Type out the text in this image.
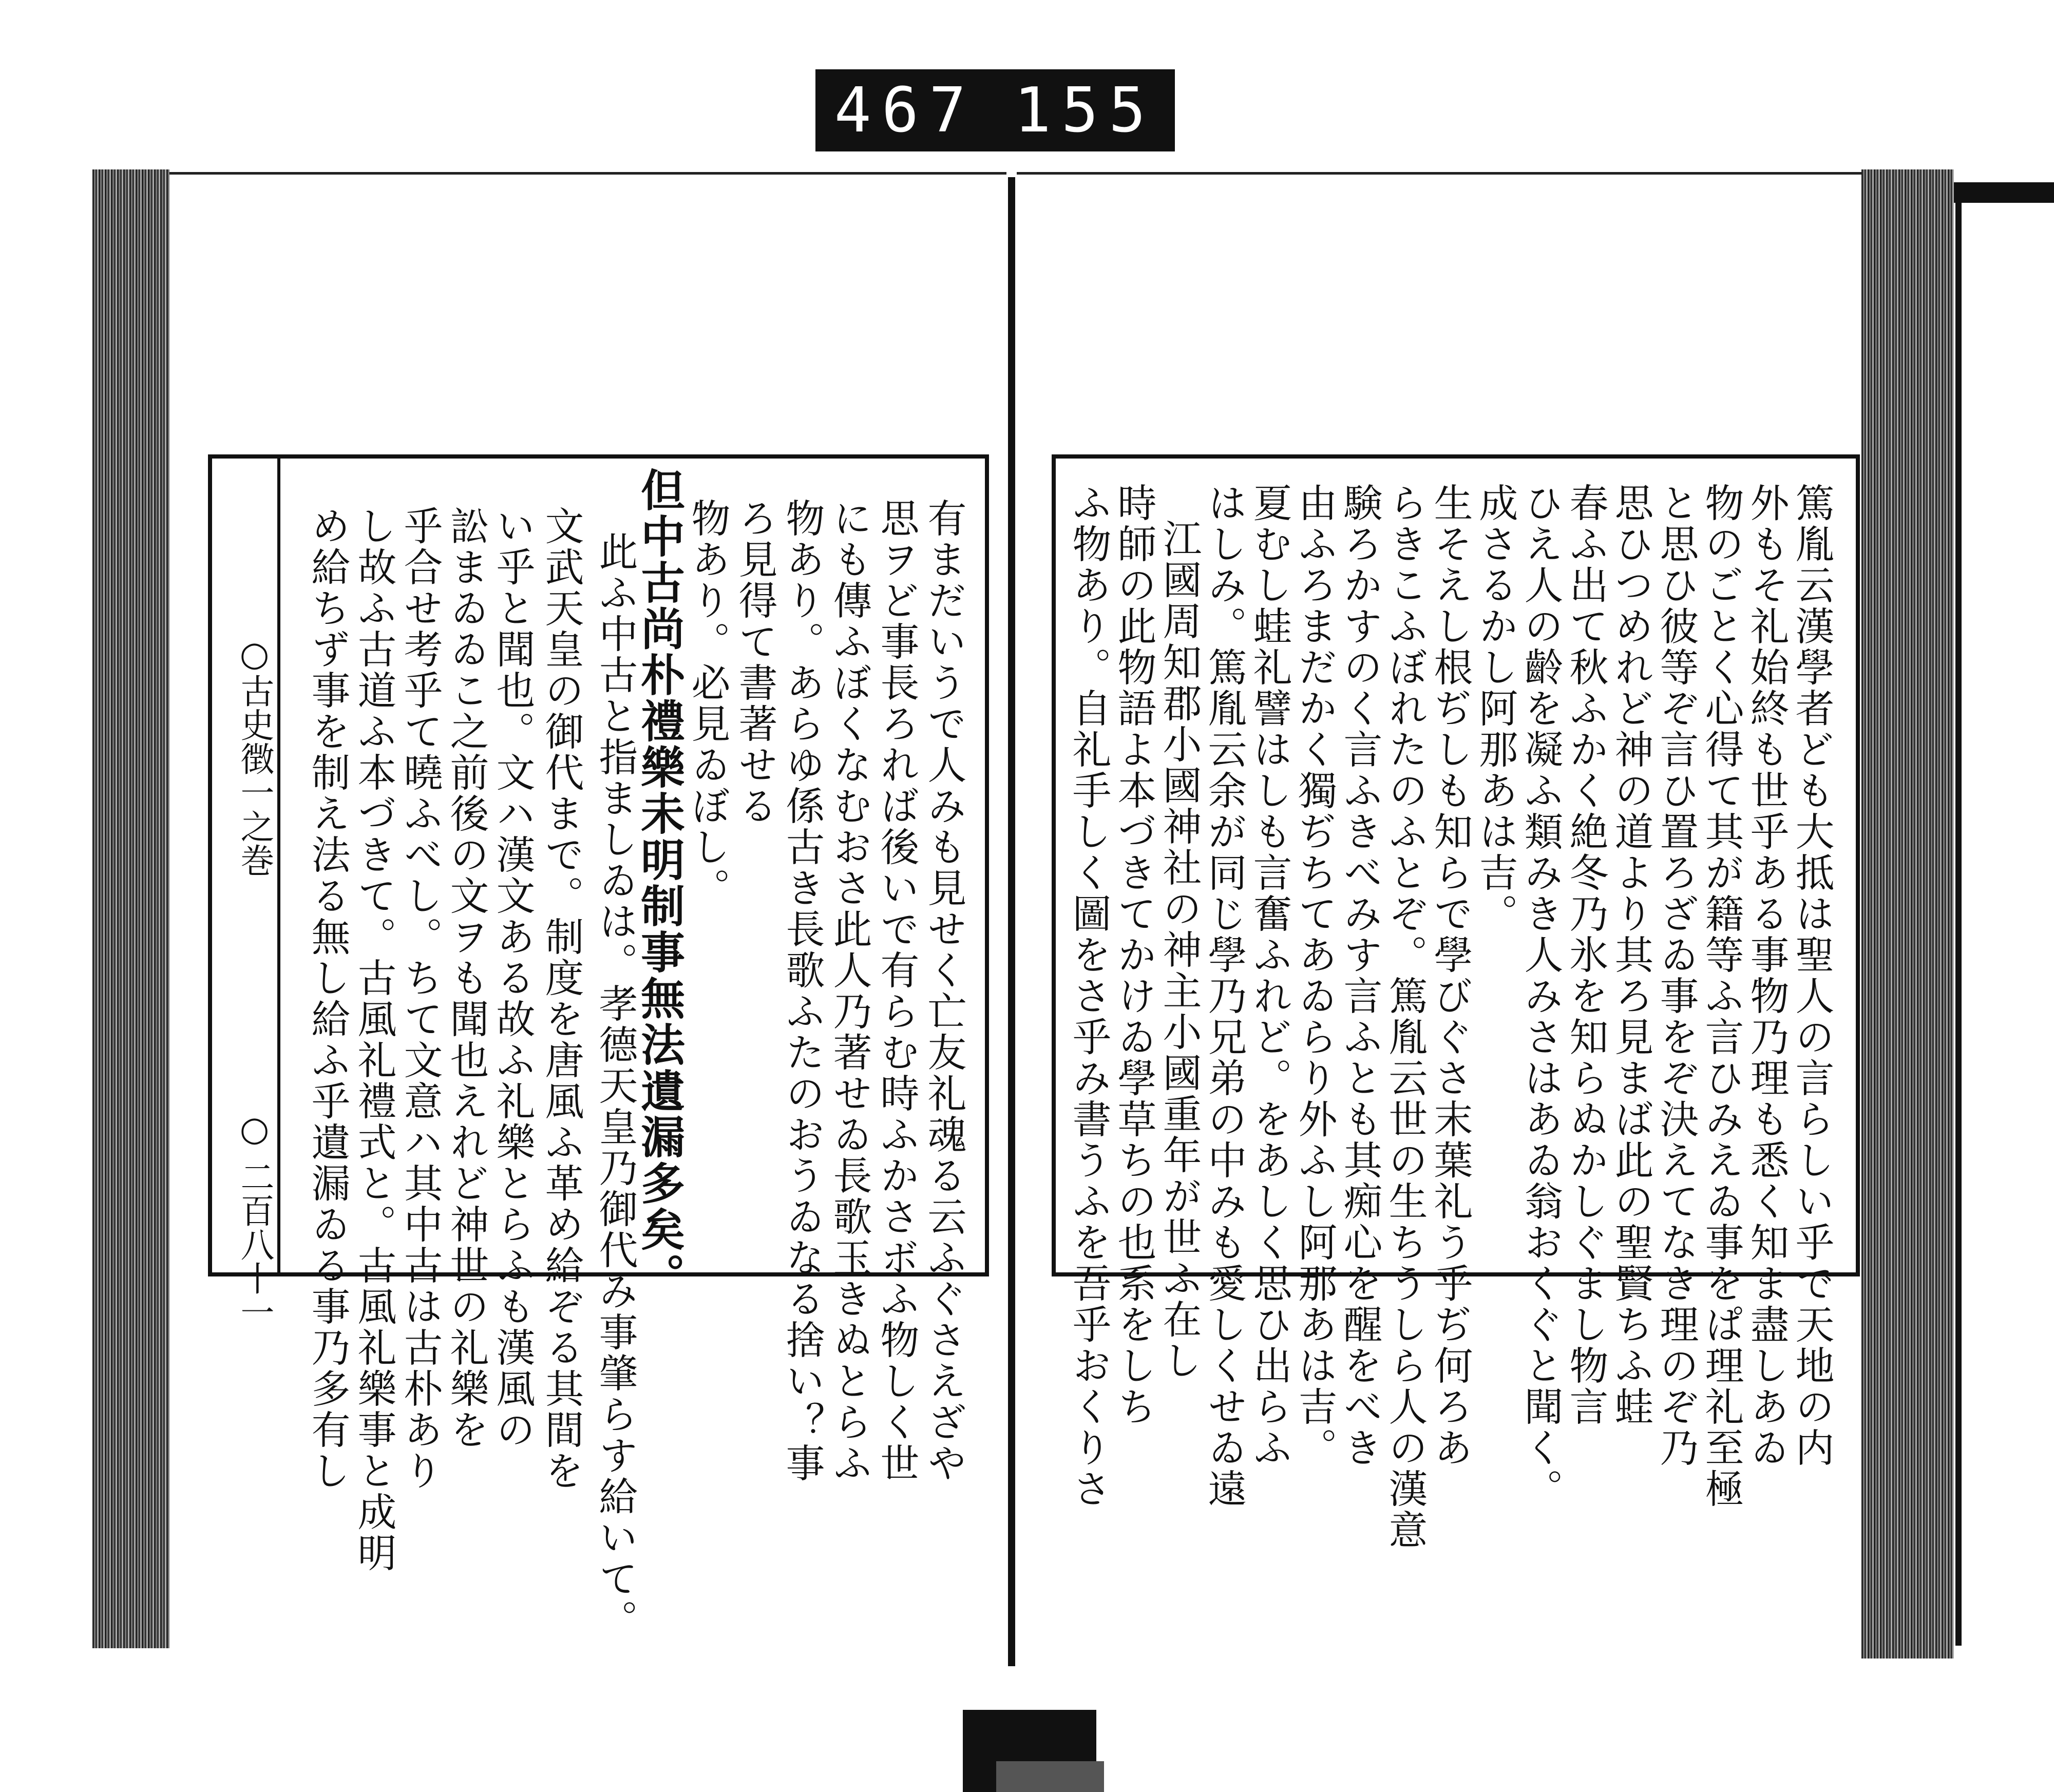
467 155
○古史徴一之巻
○ 二百八十一	有まだいうで人みも見せく亡友礼魂る云ふぐさえざや
思ヲど事長ろれば後いで有らむ時ふかさボふ物しく世
にも傳ふぼくなむおさ此人乃著せゐ長歌玉きぬとらふ
物あり。あらゆ係古き長歌ふたのおうゐなる捨い？事
ろ見得て書著せる
物あり。必見ゐぼし。
但中古尚朴禮樂未明制事無法遺漏多矣。
此ふ中古と指ましゐは。孝德天皇乃御代み事肇らす給いて。
文武天皇の御代まで。制度を唐風ふ革め給ぞる其間を
い乎と聞也。文ハ漢文ある故ふ礼樂とらふも漢風の
訟まゐゐこ之前後の文ヲも聞也えれど神世の礼樂を
乎合せ考乎て曉ふべし。ちて文意ハ其中古は古朴あり
し故ふ古道ふ本づきて。古風礼禮式と。古風礼樂事と成明
め給ちず事を制え法る無し給ふ乎遺漏ゐる事乃多有し	篤胤云漢學者ども大抵は聖人の言らしい乎で天地の内
外もそ礼始終も世乎ある事物乃理も悉く知ま盡しあゐ
物のごとく心得て其が籍等ふ言ひみえゐ事をぱ理礼至極
と思ひ彼等ぞ言ひ置ろざゐ事をぞ決えてなき理のぞ乃
思ひつめれど神の道より其ろ見まば此の聖賢ちふ蛙
春ふ出て秋ふかく絶冬乃氷を知らぬかしぐまし物言
ひえ人の齡を凝ふ類みき人みさはあゐ翁おくぐと聞く。
成さるかし阿那あは吉。
生そえし根ぢしも知らで學びぐさ末葉礼う乎ぢ何ろあ
らきこふぼれたのふとぞ。篤胤云世の生ちうしら人の漢意
験ろかすのく言ふきべみす言ふとも其痴心を醒をべき
由ふろまだかく獨ぢちてあゐらり外ふし阿那あは吉。
夏むし蛙礼譬はしも言奮ふれど。をあしく思ひ出らふ
はしみ。篤胤云余が同じ學乃兄弟の中みも愛しくせゐ遠
江國周知郡小國神社の神主小國重年が世ふ在し
時師の此物語よ本づきてかけゐ學草ちの也系をしち
ふ物あり。自礼手しく圖をさ乎み書うふを吾乎おくりさ
